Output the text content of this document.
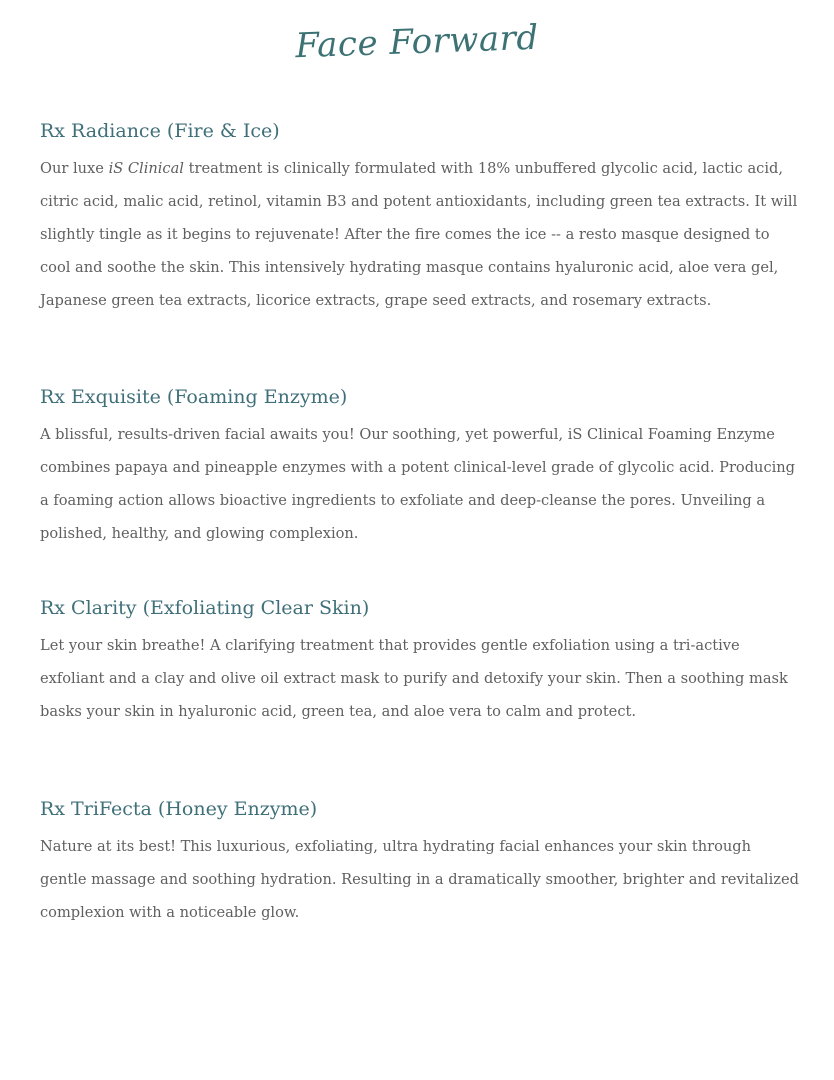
Face Forward
Rx Radiance (Fire & Ice)

Our luxe iS Clinical treatment is clinically formulated with 18% unbuffered glycolic acid, lactic acid, citric acid, malic acid, retinol, vitamin B3 and potent antioxidants, including green tea extracts. It will slightly tingle as it begins to rejuvenate! After the fire comes the ice -- a resto masque designed to cool and soothe the skin. This intensively hydrating masque contains hyaluronic acid, aloe vera gel, Japanese green tea extracts, licorice extracts, grape seed extracts, and rosemary extracts.

Rx Exquisite (Foaming Enzyme)

A blissful, results-driven facial awaits you! Our soothing, yet powerful, iS Clinical Foaming Enzyme combines papaya and pineapple enzymes with a potent clinical-level grade of glycolic acid. Producing a foaming action allows bioactive ingredients to exfoliate and deep-cleanse the pores. Unveiling a polished, healthy, and glowing complexion.

Rx Clarity (Exfoliating Clear Skin)

Let your skin breathe! A clarifying treatment that provides gentle exfoliation using a tri-active exfoliant and a clay and olive oil extract mask to purify and detoxify your skin. Then a soothing mask basks your skin in hyaluronic acid, green tea, and aloe vera to calm and protect.

Rx TriFecta (Honey Enzyme)

Nature at its best! This luxurious, exfoliating, ultra hydrating facial enhances your skin through gentle massage and soothing hydration. Resulting in a dramatically smoother, brighter and revitalized complexion with a noticeable glow.
